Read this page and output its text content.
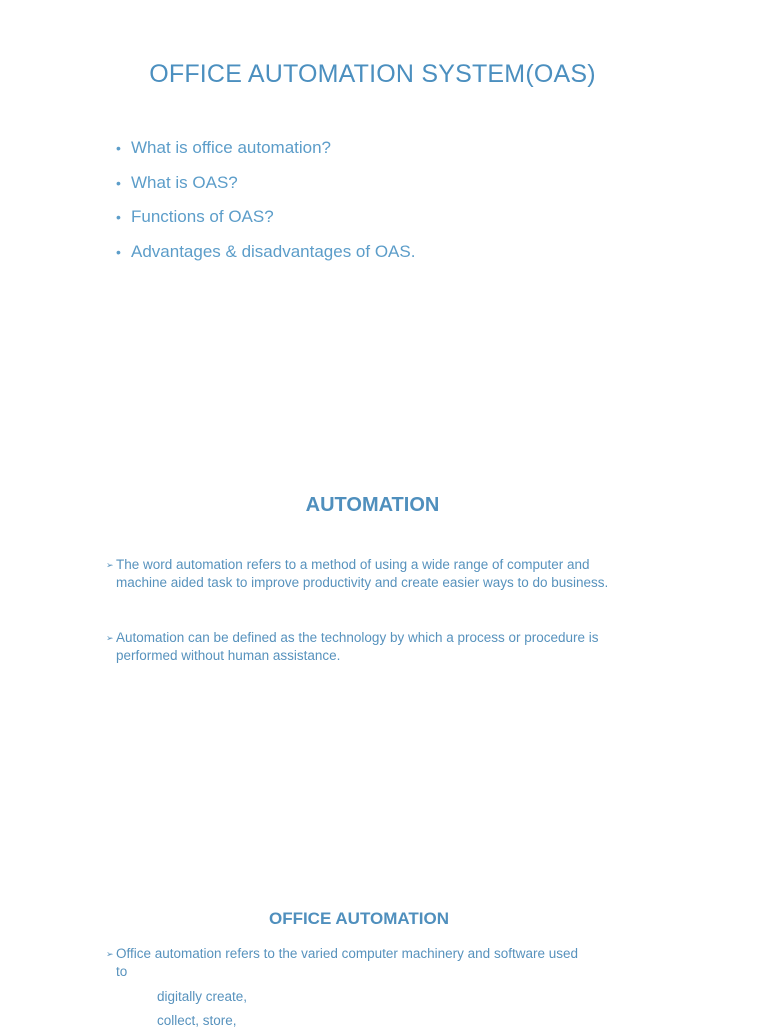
OFFICE AUTOMATION SYSTEM(OAS)
• What is office automation?
• What is OAS?
• Functions of OAS?
• Advantages & disadvantages of OAS.
AUTOMATION

➢ The word automation refers to a method of using a wide range of computer and
machine aided task to improve productivity and create easier ways to do business.

➢ Automation can be defined as the technology by which a process or procedure is
performed without human assistance.

OFFICE AUTOMATION

➢ Office automation refers to the varied computer machinery and software used
to

digitally create,

collect, store,
